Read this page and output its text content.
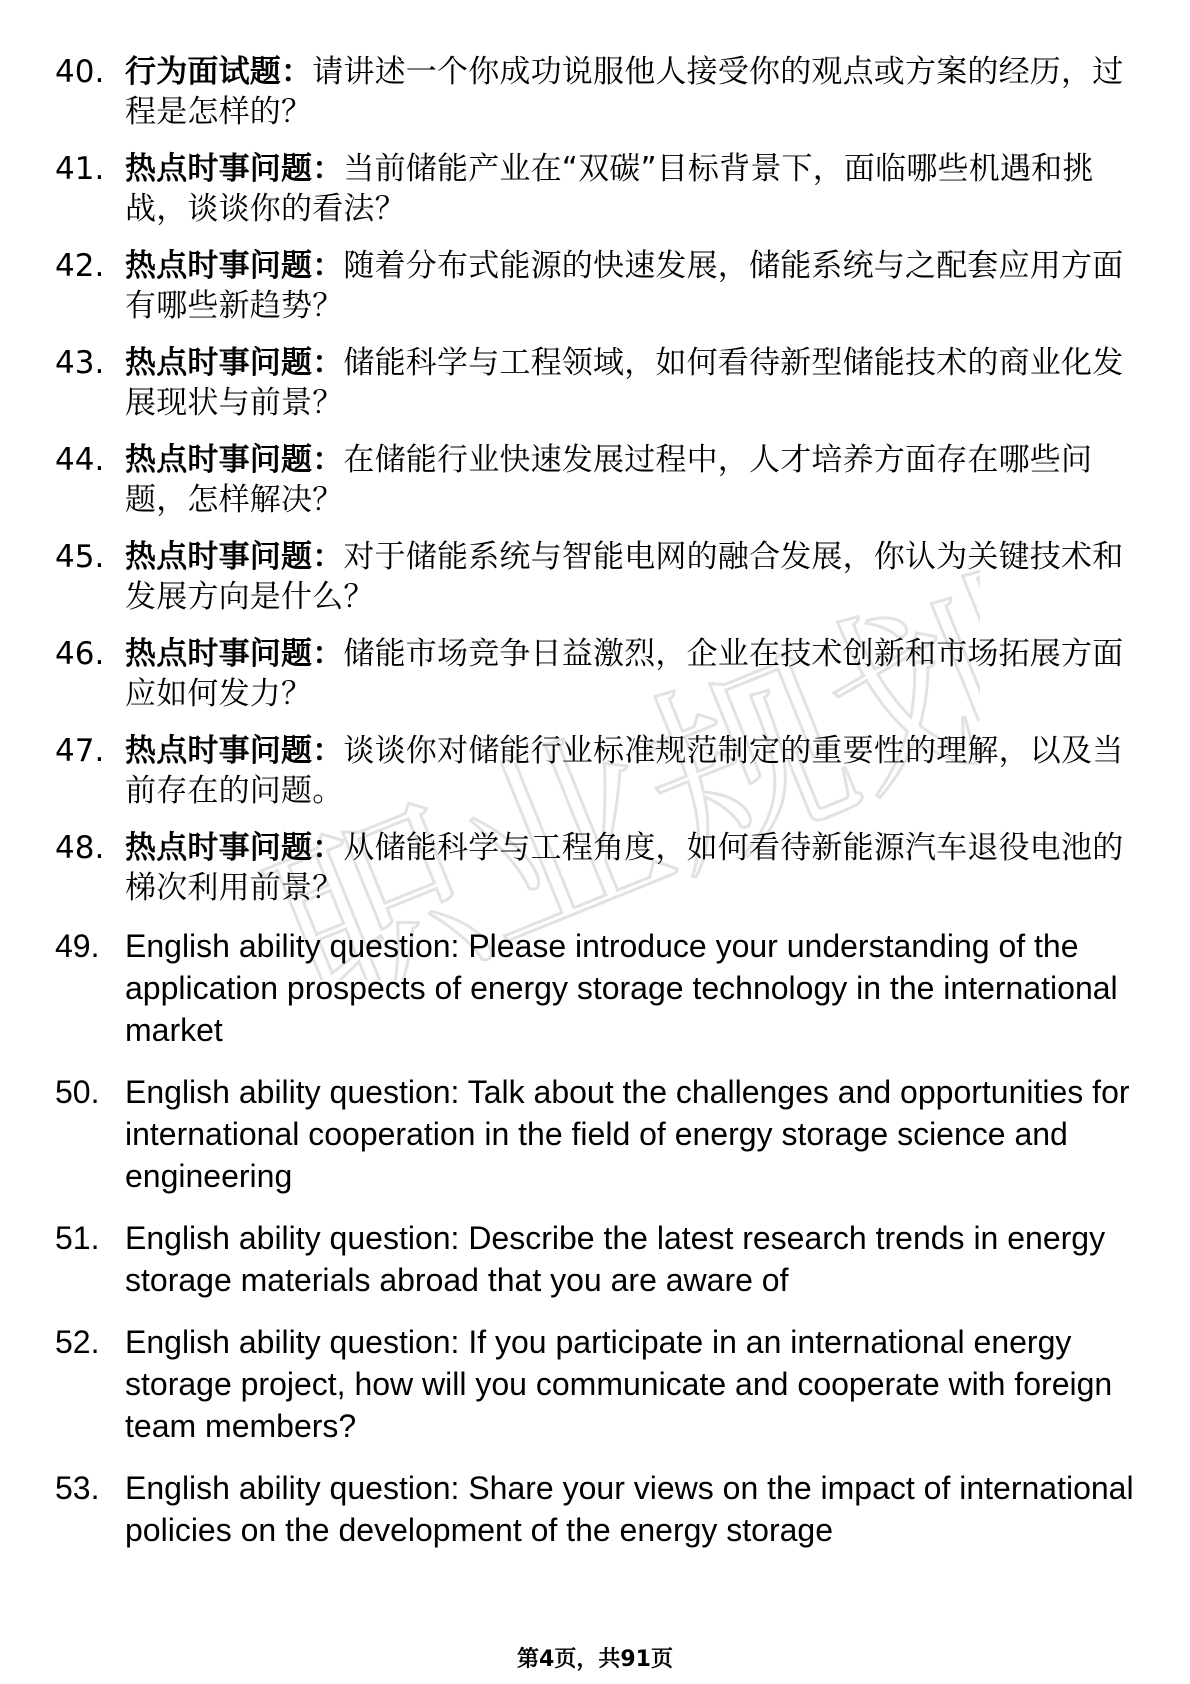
职业规划
40. 行为面试题：请讲述一个你成功说服他人接受你的观点或方案的经历，过程是怎样的？
41. 热点时事问题：当前储能产业在“双碳”目标背景下，面临哪些机遇和挑战，谈谈你的看法？
42. 热点时事问题：随着分布式能源的快速发展，储能系统与之配套应用方面有哪些新趋势？
43. 热点时事问题：储能科学与工程领域，如何看待新型储能技术的商业化发展现状与前景？
44. 热点时事问题：在储能行业快速发展过程中，人才培养方面存在哪些问题，怎样解决？
45. 热点时事问题：对于储能系统与智能电网的融合发展，你认为关键技术和发展方向是什么？
46. 热点时事问题：储能市场竞争日益激烈，企业在技术创新和市场拓展方面应如何发力？
47. 热点时事问题：谈谈你对储能行业标准规范制定的重要性的理解，以及当前存在的问题。
48. 热点时事问题：从储能科学与工程角度，如何看待新能源汽车退役电池的梯次利用前景？
49. English ability question: Please introduce your understanding of the application prospects of energy storage technology in the international market
50. English ability question: Talk about the challenges and opportunities for international cooperation in the field of energy storage science and engineering
51. English ability question: Describe the latest research trends in energy storage materials abroad that you are aware of
52. English ability question: If you participate in an international energy storage project, how will you communicate and cooperate with foreign team members?
53. English ability question: Share your views on the impact of international policies on the development of the energy storage
第4页，共91页
